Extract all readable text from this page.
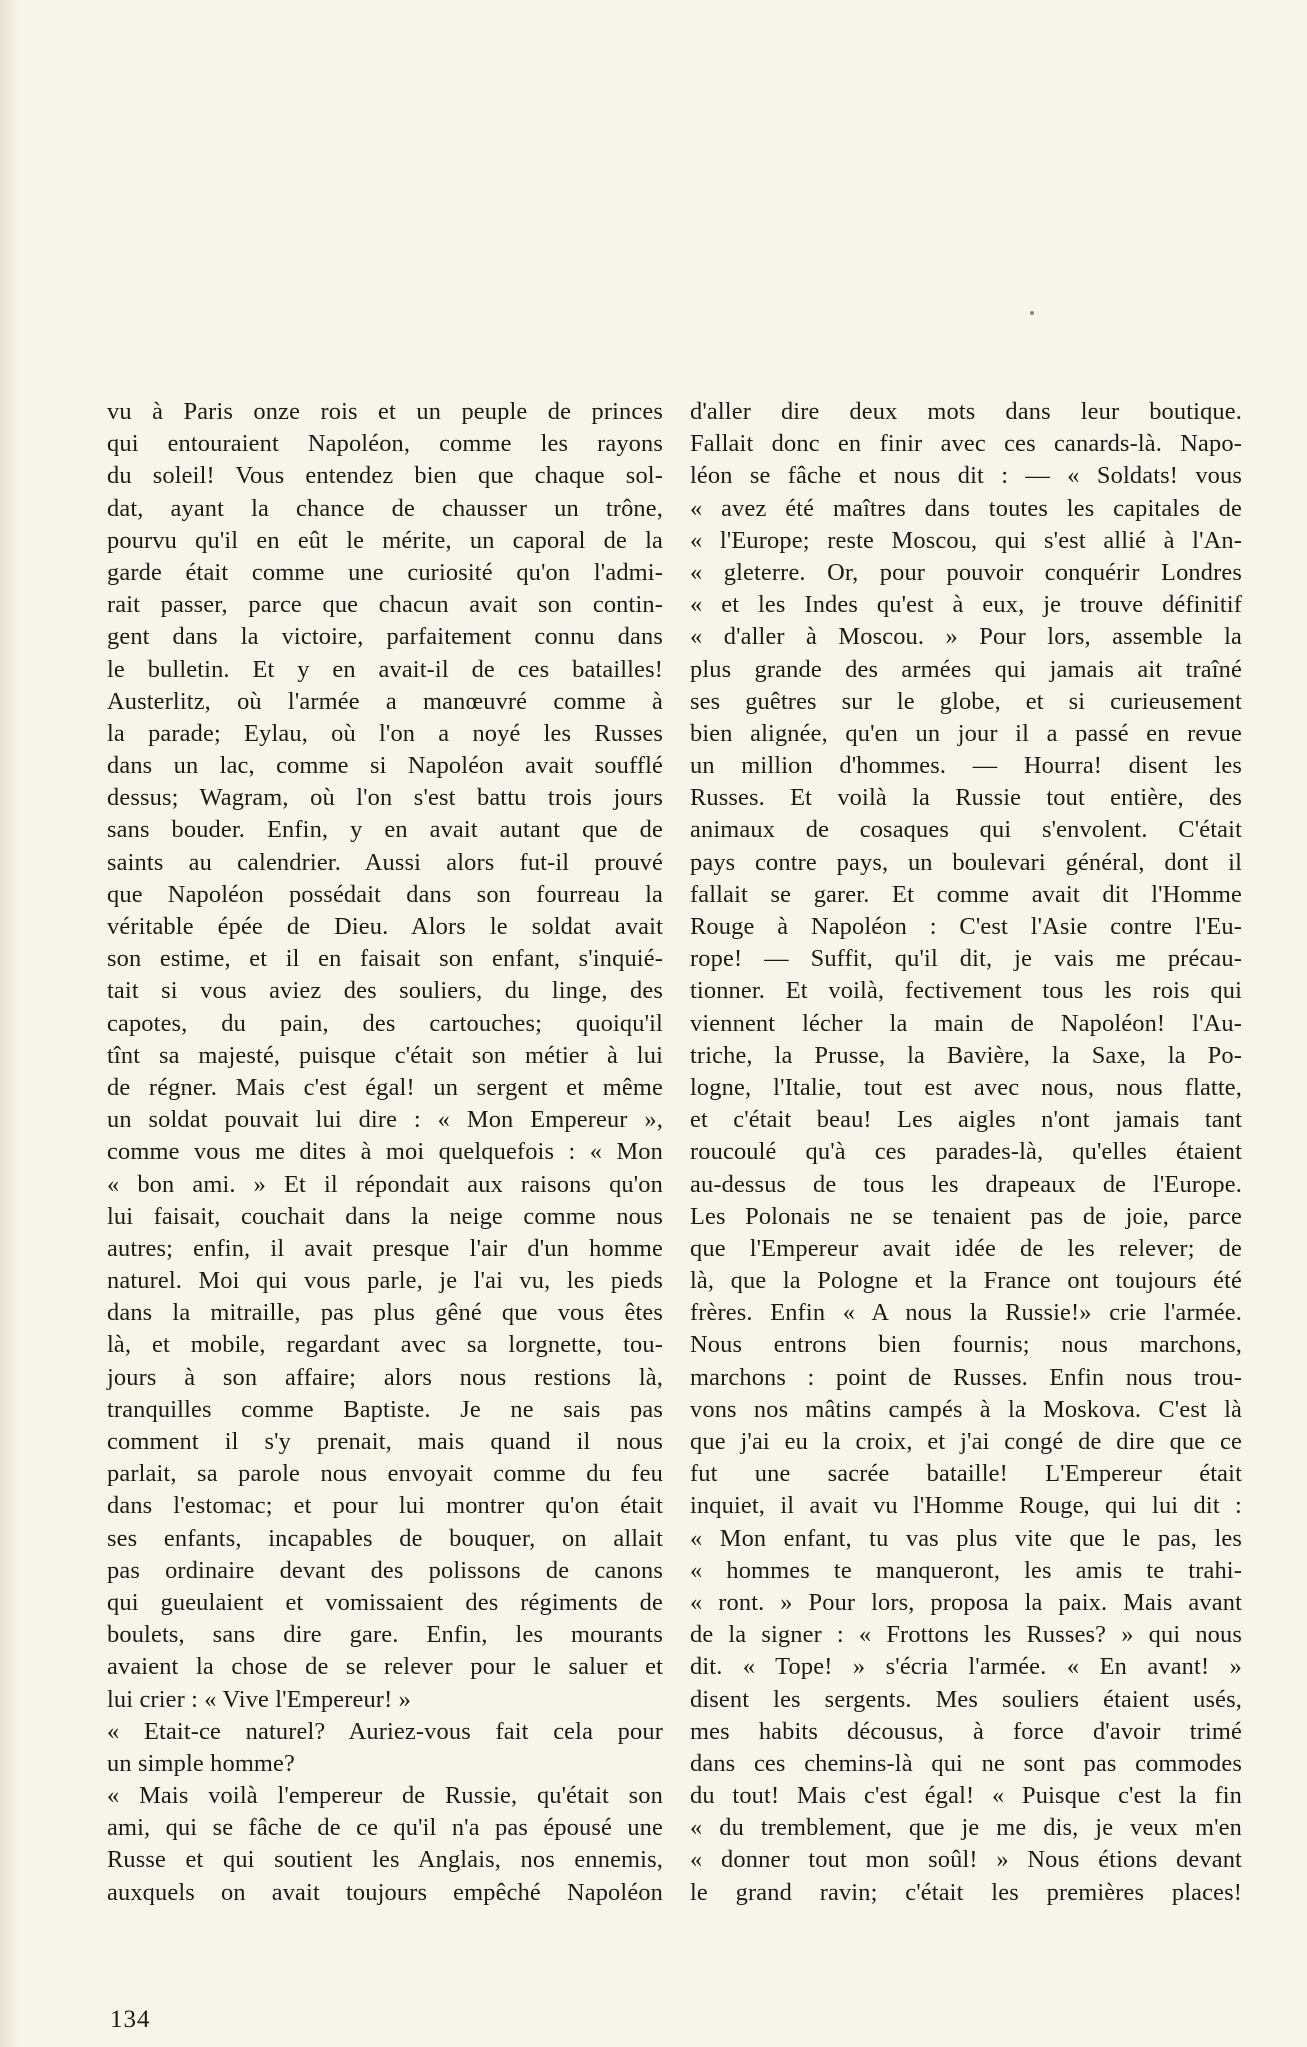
vu à Paris onze rois et un peuple de princes
qui entouraient Napoléon, comme les rayons
du soleil! Vous entendez bien que chaque sol-
dat, ayant la chance de chausser un trône,
pourvu qu'il en eût le mérite, un caporal de la
garde était comme une curiosité qu'on l'admi-
rait passer, parce que chacun avait son contin-
gent dans la victoire, parfaitement connu dans
le bulletin. Et y en avait-il de ces batailles!
Austerlitz, où l'armée a manœuvré comme à
la parade; Eylau, où l'on a noyé les Russes
dans un lac, comme si Napoléon avait soufflé
dessus; Wagram, où l'on s'est battu trois jours
sans bouder. Enfin, y en avait autant que de
saints au calendrier. Aussi alors fut-il prouvé
que Napoléon possédait dans son fourreau la
véritable épée de Dieu. Alors le soldat avait
son estime, et il en faisait son enfant, s'inquié-
tait si vous aviez des souliers, du linge, des
capotes, du pain, des cartouches; quoiqu'il
tînt sa majesté, puisque c'était son métier à lui
de régner. Mais c'est égal! un sergent et même
un soldat pouvait lui dire : « Mon Empereur »,
comme vous me dites à moi quelquefois : « Mon
« bon ami. » Et il répondait aux raisons qu'on
lui faisait, couchait dans la neige comme nous
autres; enfin, il avait presque l'air d'un homme
naturel. Moi qui vous parle, je l'ai vu, les pieds
dans la mitraille, pas plus gêné que vous êtes
là, et mobile, regardant avec sa lorgnette, tou-
jours à son affaire; alors nous restions là,
tranquilles comme Baptiste. Je ne sais pas
comment il s'y prenait, mais quand il nous
parlait, sa parole nous envoyait comme du feu
dans l'estomac; et pour lui montrer qu'on était
ses enfants, incapables de bouquer, on allait
pas ordinaire devant des polissons de canons
qui gueulaient et vomissaient des régiments de
boulets, sans dire gare. Enfin, les mourants
avaient la chose de se relever pour le saluer et
lui crier : « Vive l'Empereur! »
« Etait-ce naturel? Auriez-vous fait cela pour
un simple homme?
« Mais voilà l'empereur de Russie, qu'était son
ami, qui se fâche de ce qu'il n'a pas épousé une
Russe et qui soutient les Anglais, nos ennemis,
auxquels on avait toujours empêché Napoléon
d'aller dire deux mots dans leur boutique.
Fallait donc en finir avec ces canards-là. Napo-
léon se fâche et nous dit : — « Soldats! vous
« avez été maîtres dans toutes les capitales de
« l'Europe; reste Moscou, qui s'est allié à l'An-
« gleterre. Or, pour pouvoir conquérir Londres
« et les Indes qu'est à eux, je trouve définitif
« d'aller à Moscou. » Pour lors, assemble la
plus grande des armées qui jamais ait traîné
ses guêtres sur le globe, et si curieusement
bien alignée, qu'en un jour il a passé en revue
un million d'hommes. — Hourra! disent les
Russes. Et voilà la Russie tout entière, des
animaux de cosaques qui s'envolent. C'était
pays contre pays, un boulevari général, dont il
fallait se garer. Et comme avait dit l'Homme
Rouge à Napoléon : C'est l'Asie contre l'Eu-
rope! — Suffit, qu'il dit, je vais me précau-
tionner. Et voilà, fectivement tous les rois qui
viennent lécher la main de Napoléon! l'Au-
triche, la Prusse, la Bavière, la Saxe, la Po-
logne, l'Italie, tout est avec nous, nous flatte,
et c'était beau! Les aigles n'ont jamais tant
roucoulé qu'à ces parades-là, qu'elles étaient
au-dessus de tous les drapeaux de l'Europe.
Les Polonais ne se tenaient pas de joie, parce
que l'Empereur avait idée de les relever; de
là, que la Pologne et la France ont toujours été
frères. Enfin « A nous la Russie!» crie l'armée.
Nous entrons bien fournis; nous marchons,
marchons : point de Russes. Enfin nous trou-
vons nos mâtins campés à la Moskova. C'est là
que j'ai eu la croix, et j'ai congé de dire que ce
fut une sacrée bataille! L'Empereur était
inquiet, il avait vu l'Homme Rouge, qui lui dit :
« Mon enfant, tu vas plus vite que le pas, les
« hommes te manqueront, les amis te trahi-
« ront. » Pour lors, proposa la paix. Mais avant
de la signer : « Frottons les Russes? » qui nous
dit. « Tope! » s'écria l'armée. « En avant! »
disent les sergents. Mes souliers étaient usés,
mes habits décousus, à force d'avoir trimé
dans ces chemins-là qui ne sont pas commodes
du tout! Mais c'est égal! « Puisque c'est la fin
« du tremblement, que je me dis, je veux m'en
« donner tout mon soûl! » Nous étions devant
le grand ravin; c'était les premières places!
134
